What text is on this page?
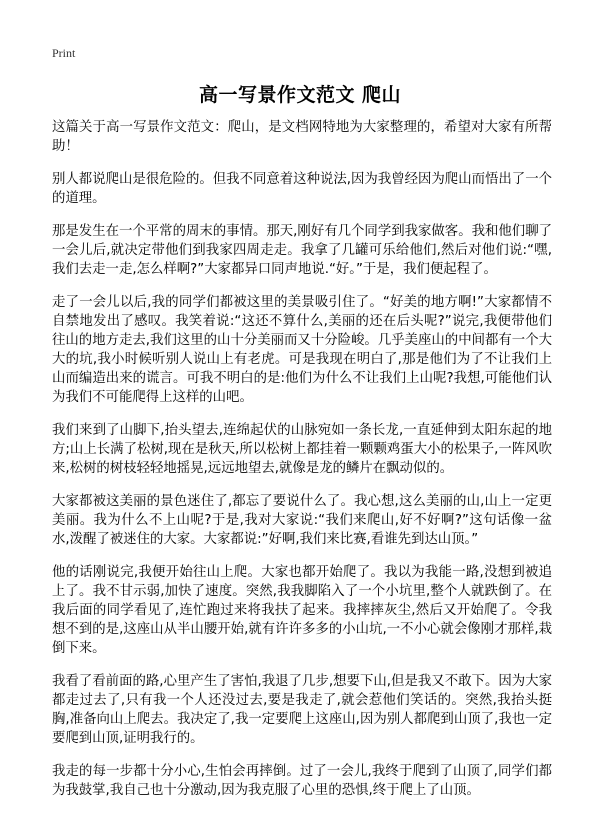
Print
高一写景作文范文 爬山

这篇关于高一写景作文范文：爬山，是文档网特地为大家整理的，希望对大家有所帮助！

别人都说爬山是很危险的。但我不同意着这种说法,因为我曾经因为爬山而悟出了一个的道理。

那是发生在一个平常的周末的事情。那天,刚好有几个同学到我家做客。我和他们聊了一会儿后,就决定带他们到我家四周走走。我拿了几罐可乐给他们,然后对他们说:“嘿,我们去走一走,怎么样啊?”大家都异口同声地说.“好。”于是，我们便起程了。

走了一会儿以后,我的同学们都被这里的美景吸引住了。“好美的地方啊!”大家都情不自禁地发出了感叹。我笑着说:“这还不算什么,美丽的还在后头呢?”说完,我便带他们往山的地方走去,我们这里的山十分美丽而又十分险峻。几乎美座山的中间都有一个大大的坑,我小时候听别人说山上有老虎。可是我现在明白了,那是他们为了不让我们上山而编造出来的谎言。可我不明白的是:他们为什么不让我们上山呢?我想,可能他们认为我们不可能爬得上这样的山吧。

我们来到了山脚下,抬头望去,连绵起伏的山脉宛如一条长龙,一直延伸到太阳东起的地方;山上长满了松树,现在是秋天,所以松树上都挂着一颗颗鸡蛋大小的松果子,一阵风吹来,松树的树枝轻轻地摇晃,远远地望去,就像是龙的鳞片在飘动似的。

大家都被这美丽的景色迷住了,都忘了要说什么了。我心想,这么美丽的山,山上一定更美丽。我为什么不上山呢?于是,我对大家说:“我们来爬山,好不好啊?”这句话像一盆水,泼醒了被迷住的大家。大家都说:”好啊,我们来比赛,看谁先到达山顶。”

他的话刚说完,我便开始往山上爬。大家也都开始爬了。我以为我能一路,没想到被追上了。我不甘示弱,加快了速度。突然,我我脚陷入了一个小坑里,整个人就跌倒了。在我后面的同学看见了,连忙跑过来将我扶了起来。我摔摔灰尘,然后又开始爬了。令我想不到的是,这座山从半山腰开始,就有许许多多的小山坑,一不小心就会像刚才那样,栽倒下来。

我看了看前面的路,心里产生了害怕,我退了几步,想要下山,但是我又不敢下。因为大家都走过去了,只有我一个人还没过去,要是我走了,就会惹他们笑话的。突然,我抬头挺胸,准备向山上爬去。我决定了,我一定要爬上这座山,因为别人都爬到山顶了,我也一定要爬到山顶,证明我行的。

我走的每一步都十分小心,生怕会再摔倒。过了一会儿,我终于爬到了山顶了,同学们都为我鼓掌,我自己也十分激动,因为我克服了心里的恐惧,终于爬上了山顶。
